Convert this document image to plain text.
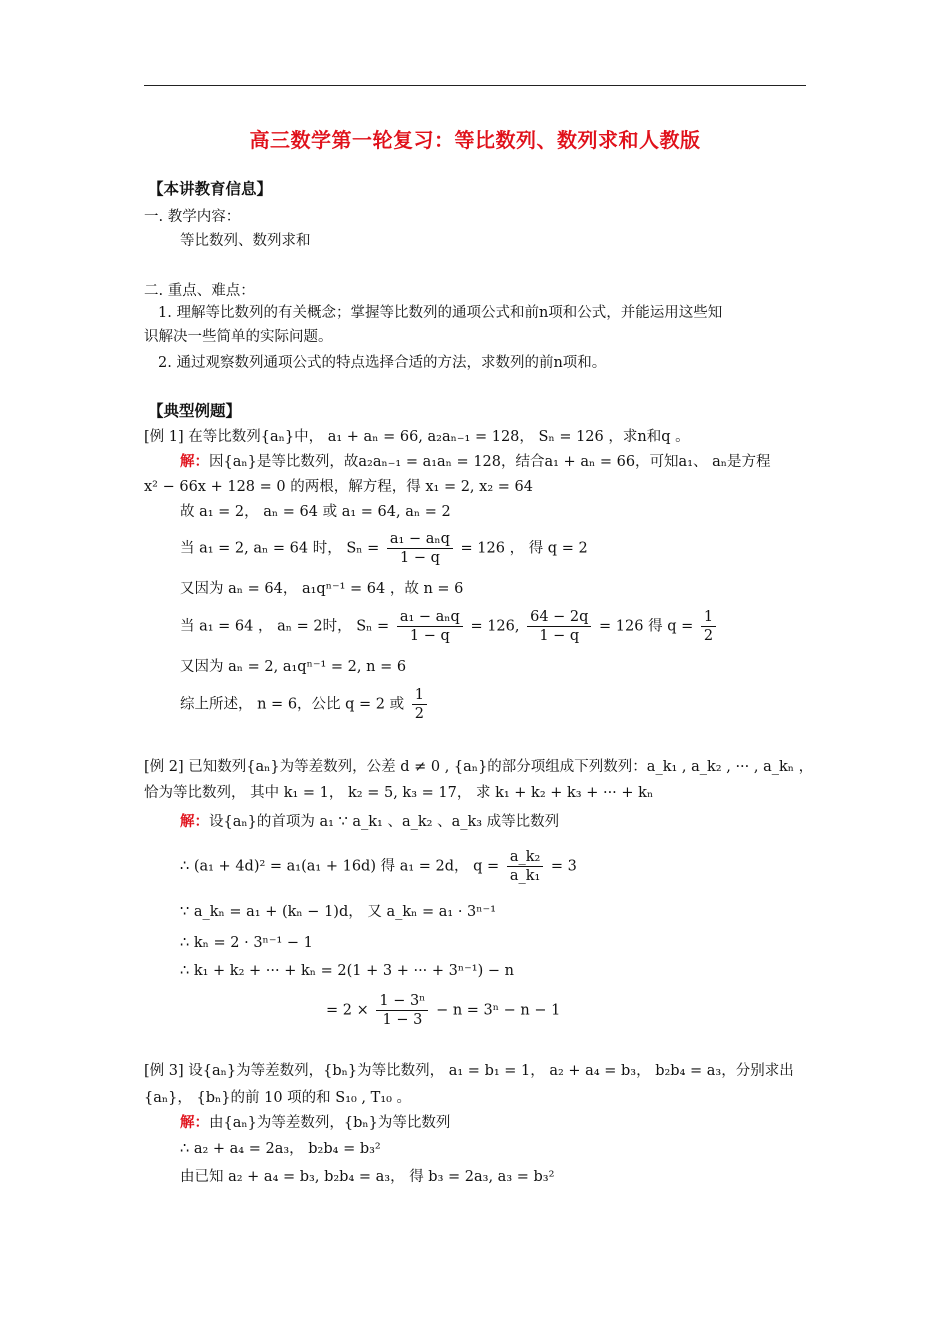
高三数学第一轮复习：等比数列、数列求和人教版
【本讲教育信息】
一. 教学内容：
等比数列、数列求和
二. 重点、难点：
1. 理解等比数列的有关概念；掌握等比数列的通项公式和前n项和公式，并能运用这些知
识解决一些简单的实际问题。
2. 通过观察数列通项公式的特点选择合适的方法，求数列的前n项和。
【典型例题】
[例 1] 在等比数列{aₙ}中， a₁ + aₙ = 66, a₂aₙ₋₁ = 128， Sₙ = 126 ，求n和q 。
解：因{aₙ}是等比数列，故a₂aₙ₋₁ = a₁aₙ = 128，结合a₁ + aₙ = 66，可知a₁、 aₙ是方程
x² − 66x + 128 = 0 的两根，解方程，得 x₁ = 2, x₂ = 64
故 a₁ = 2， aₙ = 64 或 a₁ = 64, aₙ = 2
当 a₁ = 2, aₙ = 64 时， $S_n = \frac{\text{a₁ − aₙq}}{1 - q} = 126$ ， 得 q = 2
又因为 aₙ = 64， a₁qⁿ⁻¹ = 64 ，故 n = 6
当 a₁ = 64 ， aₙ = 2时， $S_n = \frac{\text{a₁ − aₙq}}{1 - q} = 126$, $\frac{64 - 2q}{1 - q} = 126$ 得 $q = \frac{1}{2}$
又因为 aₙ = 2, a₁qⁿ⁻¹ = 2, n = 6
综上所述， n = 6，公比 q = 2 或 $\frac{1}{2}$
[例 2] 已知数列{aₙ}为等差数列，公差 d ≠ 0 , {aₙ}的部分项组成下列数列：a_k₁ , a_k₂ , ··· , a_kₙ ，
恰为等比数列， 其中 k₁ = 1， k₂ = 5, k₃ = 17， 求 k₁ + k₂ + k₃ + ··· + kₙ
解：设{aₙ}的首项为 a₁ ∵ a_k₁ 、a_k₂ 、a_k₃ 成等比数列
∴ (a₁ + 4d)² = a₁(a₁ + 16d) 得 a₁ = 2d， $q = \frac{\text{a\_k₂}}{\text{a\_k₁}} = 3$
∵ a_kₙ = a₁ + (kₙ − 1)d， 又 a_kₙ = a₁ · 3ⁿ⁻¹
∴ kₙ = 2 · 3ⁿ⁻¹ − 1
∴ k₁ + k₂ + ··· + kₙ = 2(1 + 3 + ··· + 3ⁿ⁻¹) − n
= $2 \times \frac{\text{1 − 3ⁿ}}{1 - 3} - n = 3^n - n - 1$
[例 3] 设{aₙ}为等差数列，{bₙ}为等比数列， a₁ = b₁ = 1， a₂ + a₄ = b₃， b₂b₄ = a₃，分别求出
{aₙ}， {bₙ}的前 10 项的和 S₁₀ , T₁₀ 。
解：由{aₙ}为等差数列，{bₙ}为等比数列
∴ a₂ + a₄ = 2a₃， b₂b₄ = b₃²
由已知 a₂ + a₄ = b₃, b₂b₄ = a₃， 得 b₃ = 2a₃, a₃ = b₃²
